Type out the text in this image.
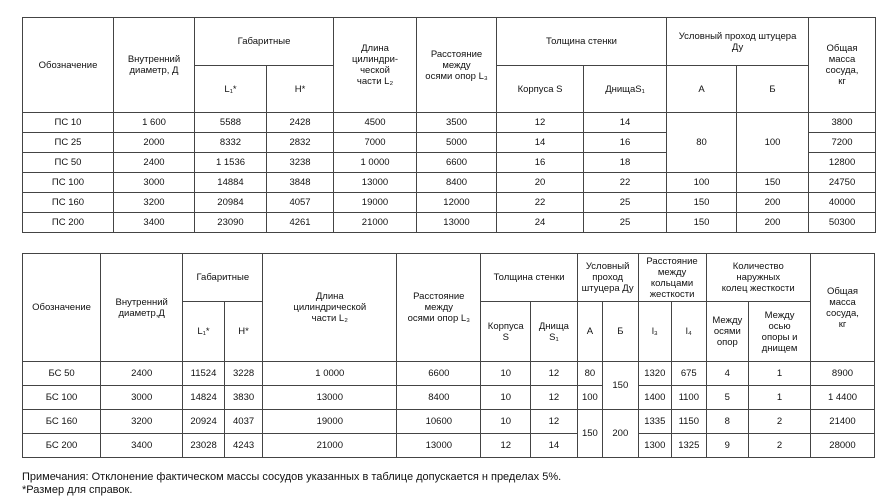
Обозначение	Внутренний
диаметр, Д	Габаритные		Длина
цилиндри-
ческой
части L₂	Расстояние
между
осями опор L₃	Толщина стенки		Условный проход штуцера
Ду		Общая
масса
сосуда,
кг
		L₁*	H*			Корпуса S	ДнищаS₁	А	Б	
ПС 10	1 600	5588	2428	4500	3500	12	14	80	100	3800
ПС 25	2000	8332	2832	7000	5000	14	16			7200
ПС 50	2400	1 1536	3238	1 0000	6600	16	18			12800
ПС 100	3000	14884	3848	13000	8400	20	22	100	150	24750
ПС 160	3200	20984	4057	19000	12000	22	25	150	200	40000
ПС 200	3400	23090	4261	21000	13000	24	25	150	200	50300
Обозначение	Внутренний
диаметр,Д	Габаритные		Длина
цилиндрической
части L₂	Расстояние
между
осями опор L₃	Толщина стенки		Условный
проход
штуцера Ду		Расстояние
между
кольцами
жесткости		Количество
наружных
колец жесткости		Общая
масса
сосуда,
кг
		L₁*	H*			Корпуса
S	Днища
S₁	А	Б	l₃	l₄	Между
осями
опор	Между
осью
опоры и
днищем	
БС 50	2400	11524	3228	1 0000	6600	10	12	80	150	1320	675	4	1	8900
БС 100	3000	14824	3830	13000	8400	10	12	100		1400	1100	5	1	1 4400
БС 160	3200	20924	4037	19000	10600	10	12	150	200	1335	1150	8	2	21400
БС 200	3400	23028	4243	21000	13000	12	14			1300	1325	9	2	28000
Примечания: Отклонение фактическом массы сосудов указанных в таблице допускается н пределах 5%.
*Размер для справок.
